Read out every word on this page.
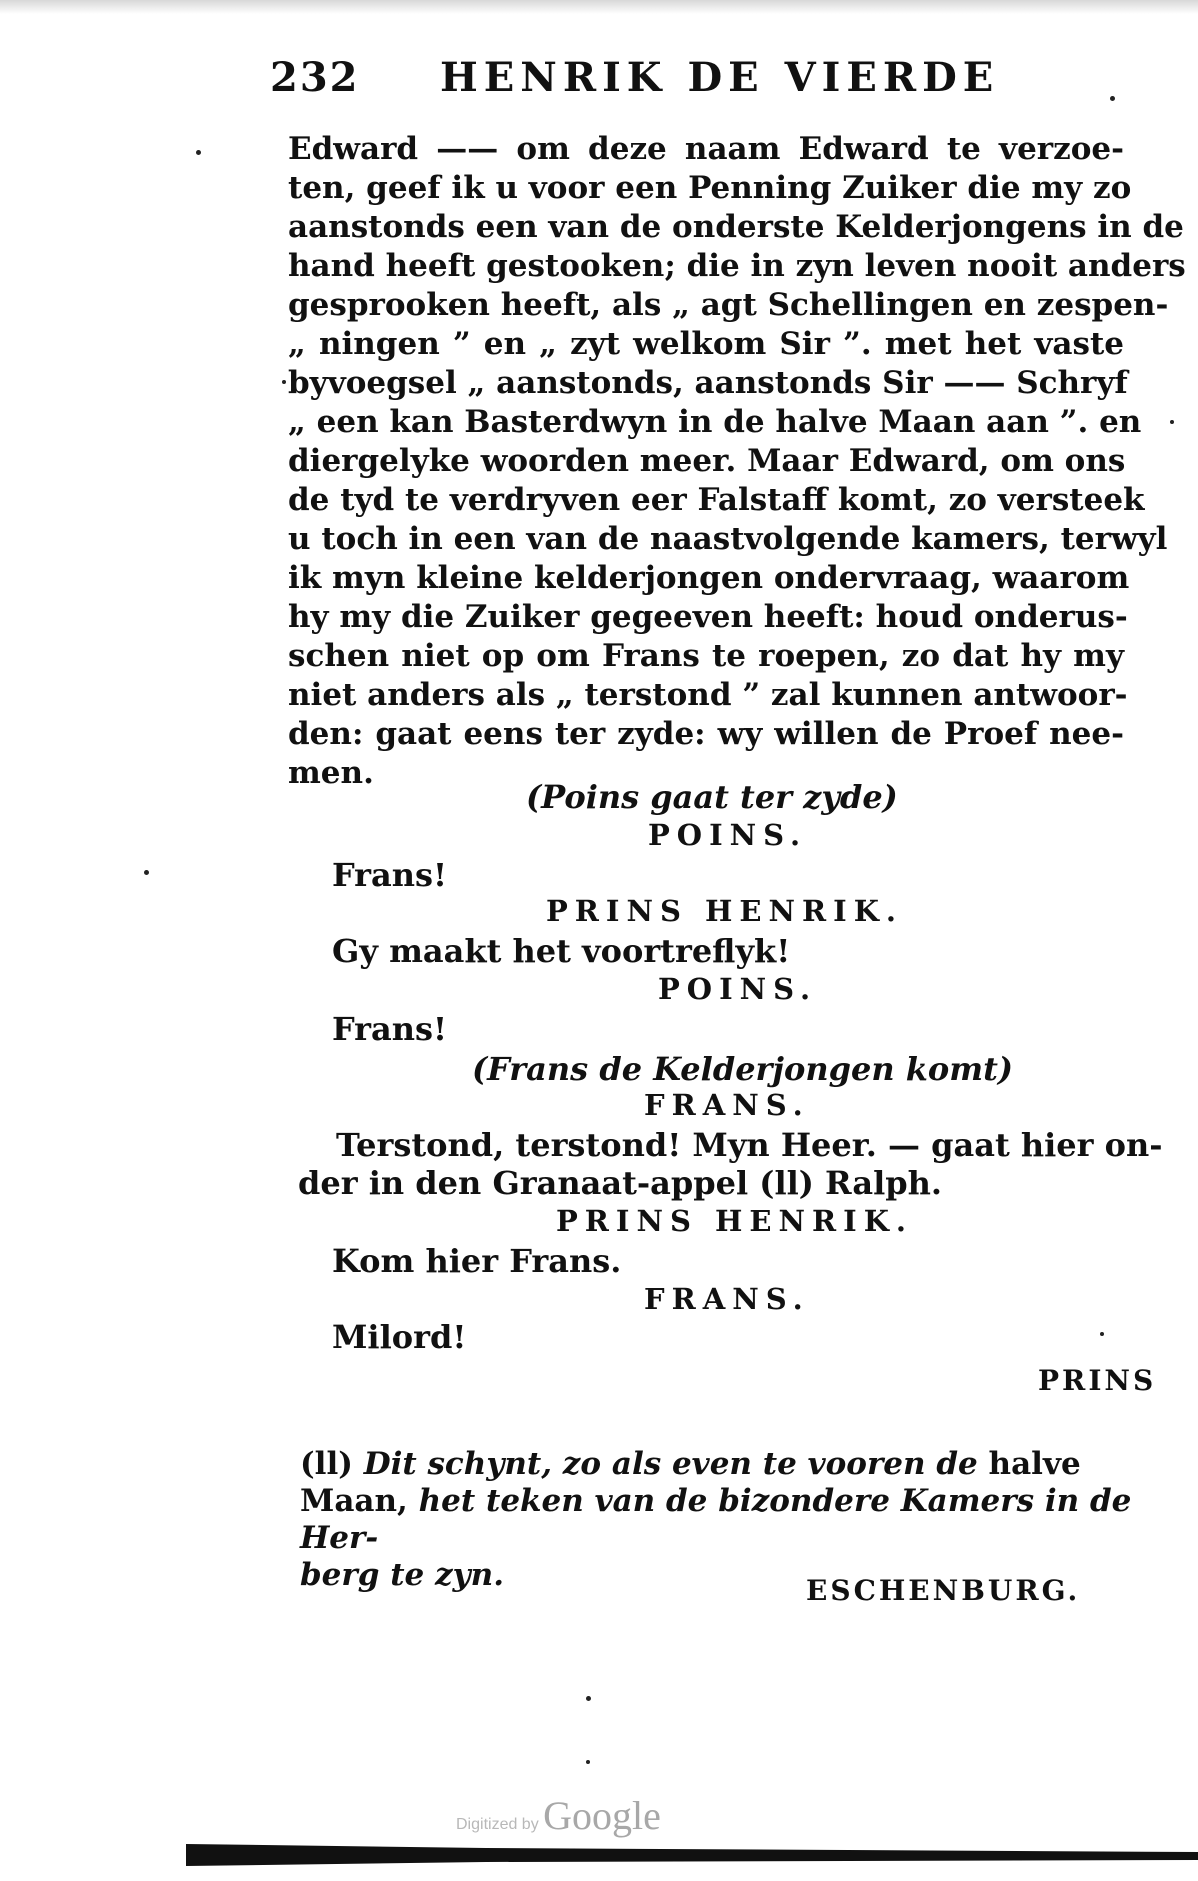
232 HENRIK DE VIERDE
Edward —— om deze naam Edward te verzoe‑
ten, geef ik u voor een Penning Zuiker die my zo
aanstonds een van de onderste Kelderjongens in de
hand heeft gestooken; die in zyn leven nooit anders
gesprooken heeft, als „ agt Schellingen en zespen‑
„ ningen ” en „ zyt welkom Sir ”. met het vaste
byvoegsel „ aanstonds, aanstonds Sir —— Schryf
„ een kan Basterdwyn in de halve Maan aan ”. en
diergelyke woorden meer. Maar Edward, om ons
de tyd te verdryven eer Falstaff komt, zo versteek
u toch in een van de naastvolgende kamers, terwyl
ik myn kleine kelderjongen ondervraag, waarom
hy my die Zuiker gegeeven heeft: houd onderus‑
schen niet op om Frans te roepen, zo dat hy my
niet anders als „ terstond ” zal kunnen antwoor‑
den: gaat eens ter zyde: wy willen de Proef nee‑
men.
(Poins gaat ter zyde)
POINS.
Frans!
PRINS HENRIK.
Gy maakt het voortreflyk!
POINS.
Frans!
(Frans de Kelderjongen komt)
FRANS.
Terstond, terstond! Myn Heer. — gaat hier on‑
der in den Granaat‑appel (ll) Ralph.
PRINS HENRIK.
Kom hier Frans.
FRANS.
Milord!
PRINS
(ll) Dit schynt, zo als even te vooren de halve
Maan, het teken van de bizondere Kamers in de Her‑
berg te zyn.	ESCHENBURG.
Digitized by Google
